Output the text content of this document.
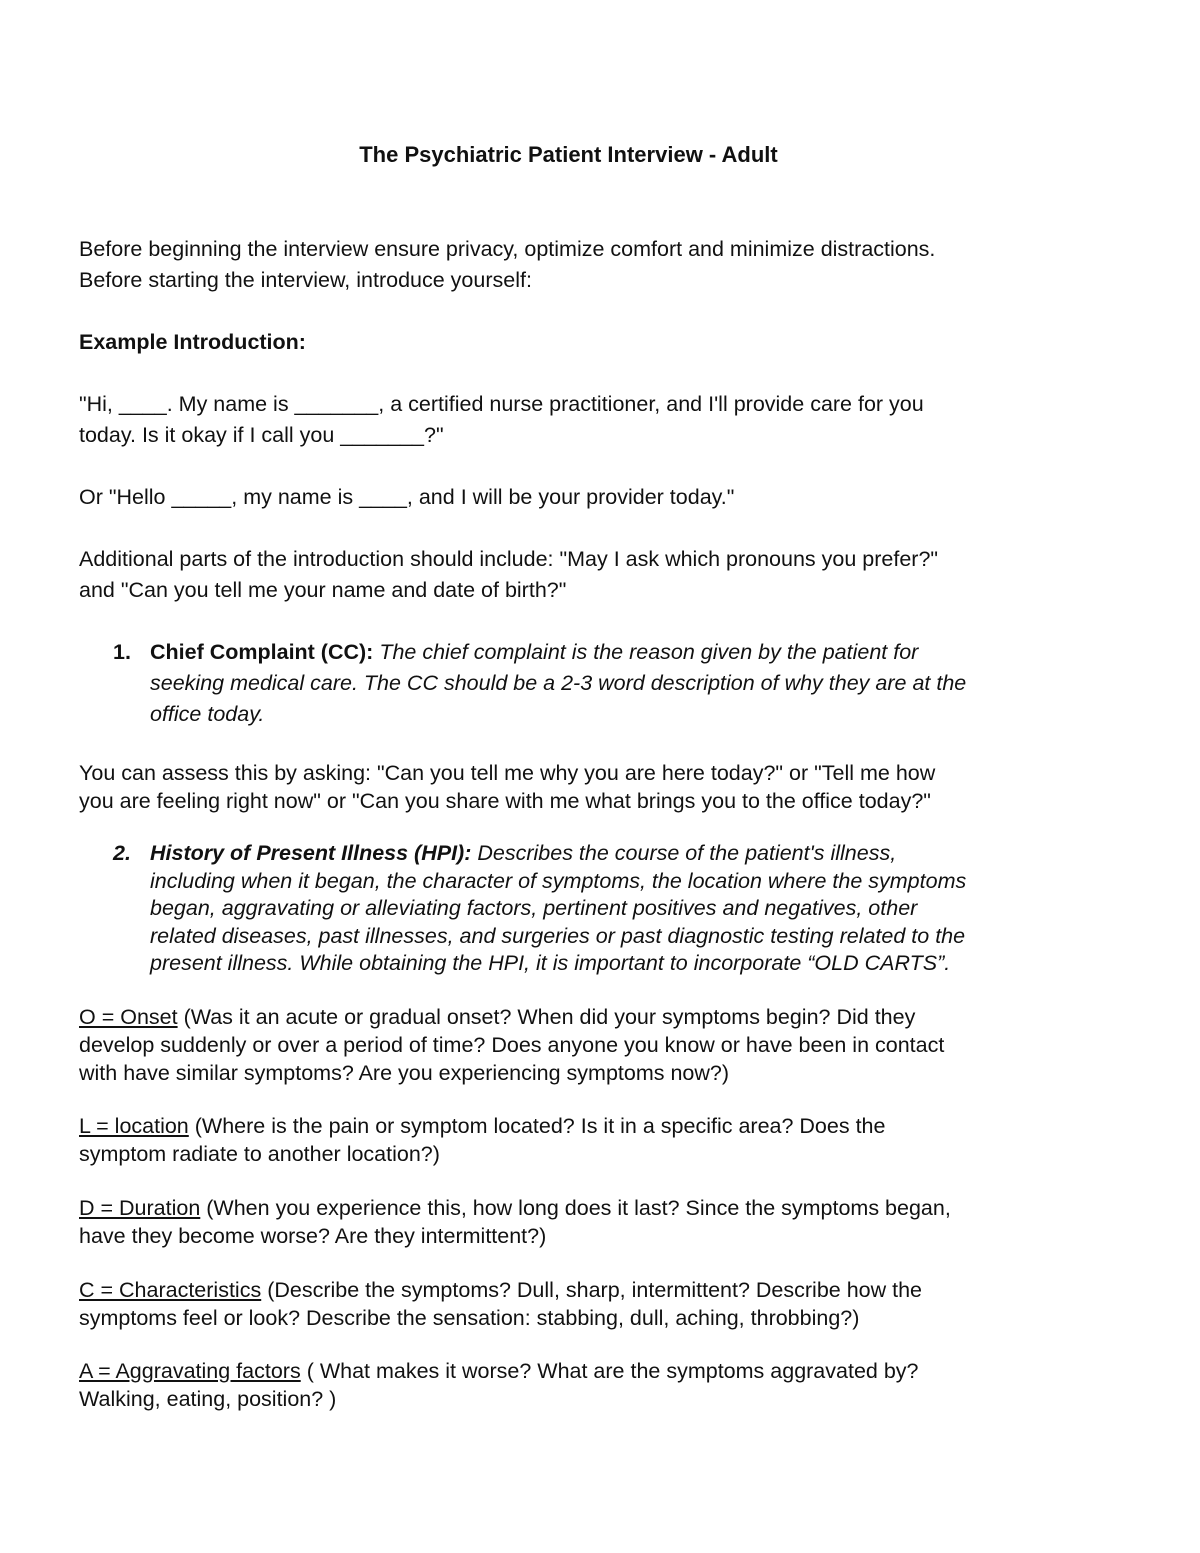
The Psychiatric Patient Interview - Adult
Before beginning the interview ensure privacy, optimize comfort and minimize distractions.
Before starting the interview, introduce yourself:
Example Introduction:
"Hi, ____. My name is _______, a certified nurse practitioner, and I'll provide care for you
today. Is it okay if I call you _______?"
Or "Hello _____, my name is ____, and I will be your provider today."
Additional parts of the introduction should include: "May I ask which pronouns you prefer?"
and "Can you tell me your name and date of birth?"
1. Chief Complaint (CC): The chief complaint is the reason given by the patient for
seeking medical care. The CC should be a 2-3 word description of why they are at the
office today.
You can assess this by asking: "Can you tell me why you are here today?" or "Tell me how
you are feeling right now" or "Can you share with me what brings you to the office today?"
2. History of Present Illness (HPI): Describes the course of the patient's illness,
including when it began, the character of symptoms, the location where the symptoms
began, aggravating or alleviating factors, pertinent positives and negatives, other
related diseases, past illnesses, and surgeries or past diagnostic testing related to the
present illness. While obtaining the HPI, it is important to incorporate “OLD CARTS”.
O = Onset (Was it an acute or gradual onset? When did your symptoms begin? Did they
develop suddenly or over a period of time? Does anyone you know or have been in contact
with have similar symptoms? Are you experiencing symptoms now?)
L = location (Where is the pain or symptom located? Is it in a specific area? Does the
symptom radiate to another location?)
D = Duration (When you experience this, how long does it last? Since the symptoms began,
have they become worse? Are they intermittent?)
C = Characteristics (Describe the symptoms? Dull, sharp, intermittent? Describe how the
symptoms feel or look? Describe the sensation: stabbing, dull, aching, throbbing?)
A = Aggravating factors ( What makes it worse? What are the symptoms aggravated by?
Walking, eating, position? )
